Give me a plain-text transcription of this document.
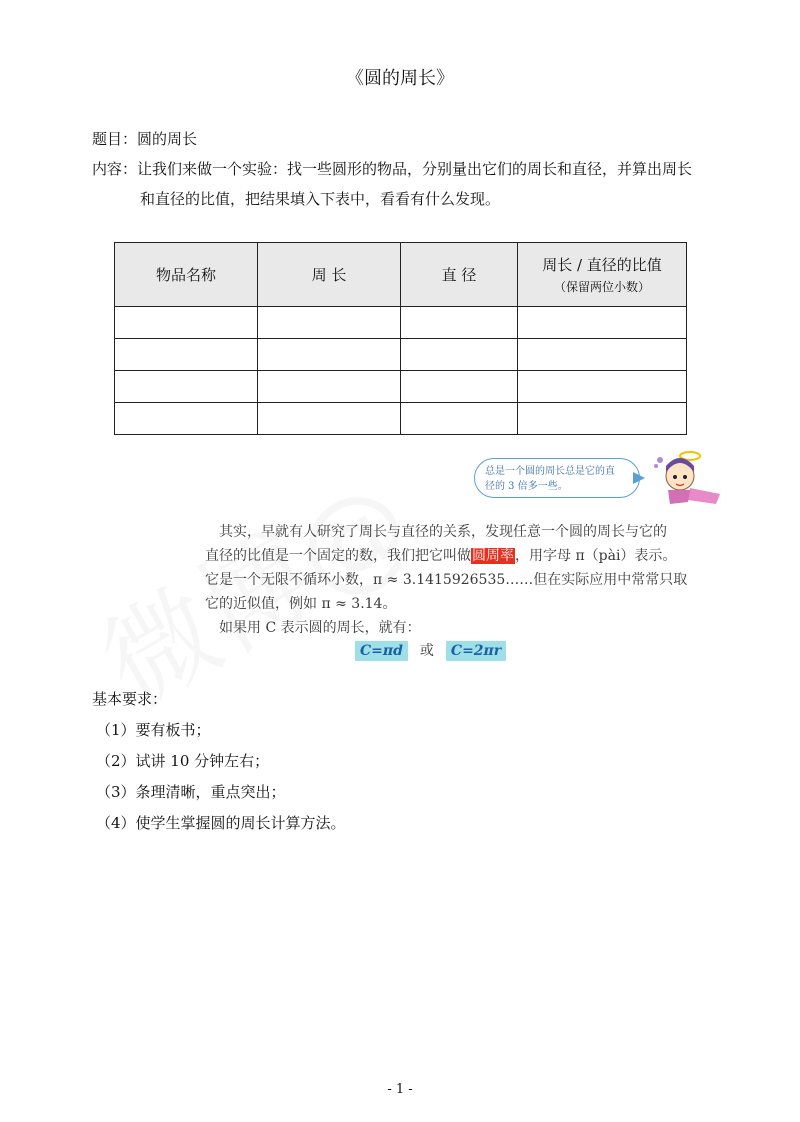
《圆的周长》
题目：圆的周长
内容：让我们来做一个实验：找一些圆形的物品，分别量出它们的周长和直径，并算出周长
和直径的比值，把结果填入下表中，看看有什么发现。
物品名称	周 长	直 径	周长 / 直径的比值
（保留两位小数）

总是一个圆的周长总是它的直
径的 3 倍多一些。

其实，早就有人研究了周长与直径的关系，发现任意一个圆的周长与它的

直径的比值是一个固定的数，我们把它叫做圆周率，用字母 π（pài）表示。

它是一个无限不循环小数，π ≈ 3.1415926535……但在实际应用中常常只取

它的近似值，例如 π ≈ 3.14。

如果用 C 表示圆的周长，就有：

C=πd 或 C=2πr
基本要求：
（1）要有板书；
（2）试讲 10 分钟左右；
（3）条理清晰，重点突出；
（4）使学生掌握圆的周长计算方法。
- 1 -
